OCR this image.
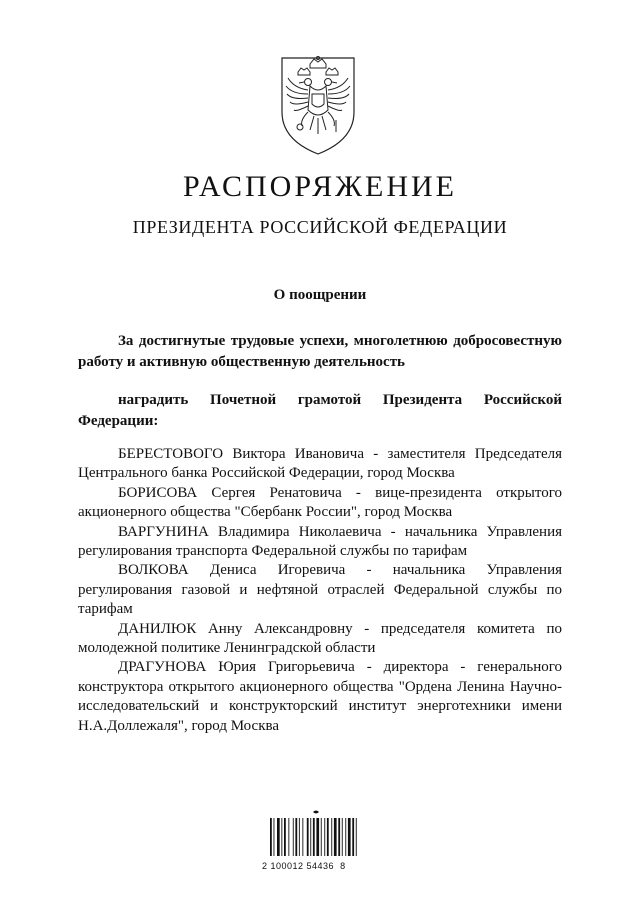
РАСПОРЯЖЕНИЕ
ПРЕЗИДЕНТА РОССИЙСКОЙ ФЕДЕРАЦИИ
О поощрении
За достигнутые трудовые успехи, многолетнюю добросовестную работу и активную общественную деятельность
наградить Почетной грамотой Президента Российской Федерации:

БЕРЕСТОВОГО Виктора Ивановича - заместителя Председателя Центрального банка Российской Федерации, город Москва

БОРИСОВА Сергея Ренатовича - вице-президента открытого акционерного общества "Сбербанк России", город Москва

ВАРГУНИНА Владимира Николаевича - начальника Управления регулирования транспорта Федеральной службы по тарифам

ВОЛКОВА Дениса Игоревича - начальника Управления регулирования газовой и нефтяной отраслей Федеральной службы по тарифам

ДАНИЛЮК Анну Александровну - председателя комитета по молодежной политике Ленинградской области

ДРАГУНОВА Юрия Григорьевича - директора - генерального конструктора открытого акционерного общества "Ордена Ленина Научно-исследовательский и конструкторский институт энерготехники имени Н.А.Доллежаля", город Москва

2 100012 54436  8
